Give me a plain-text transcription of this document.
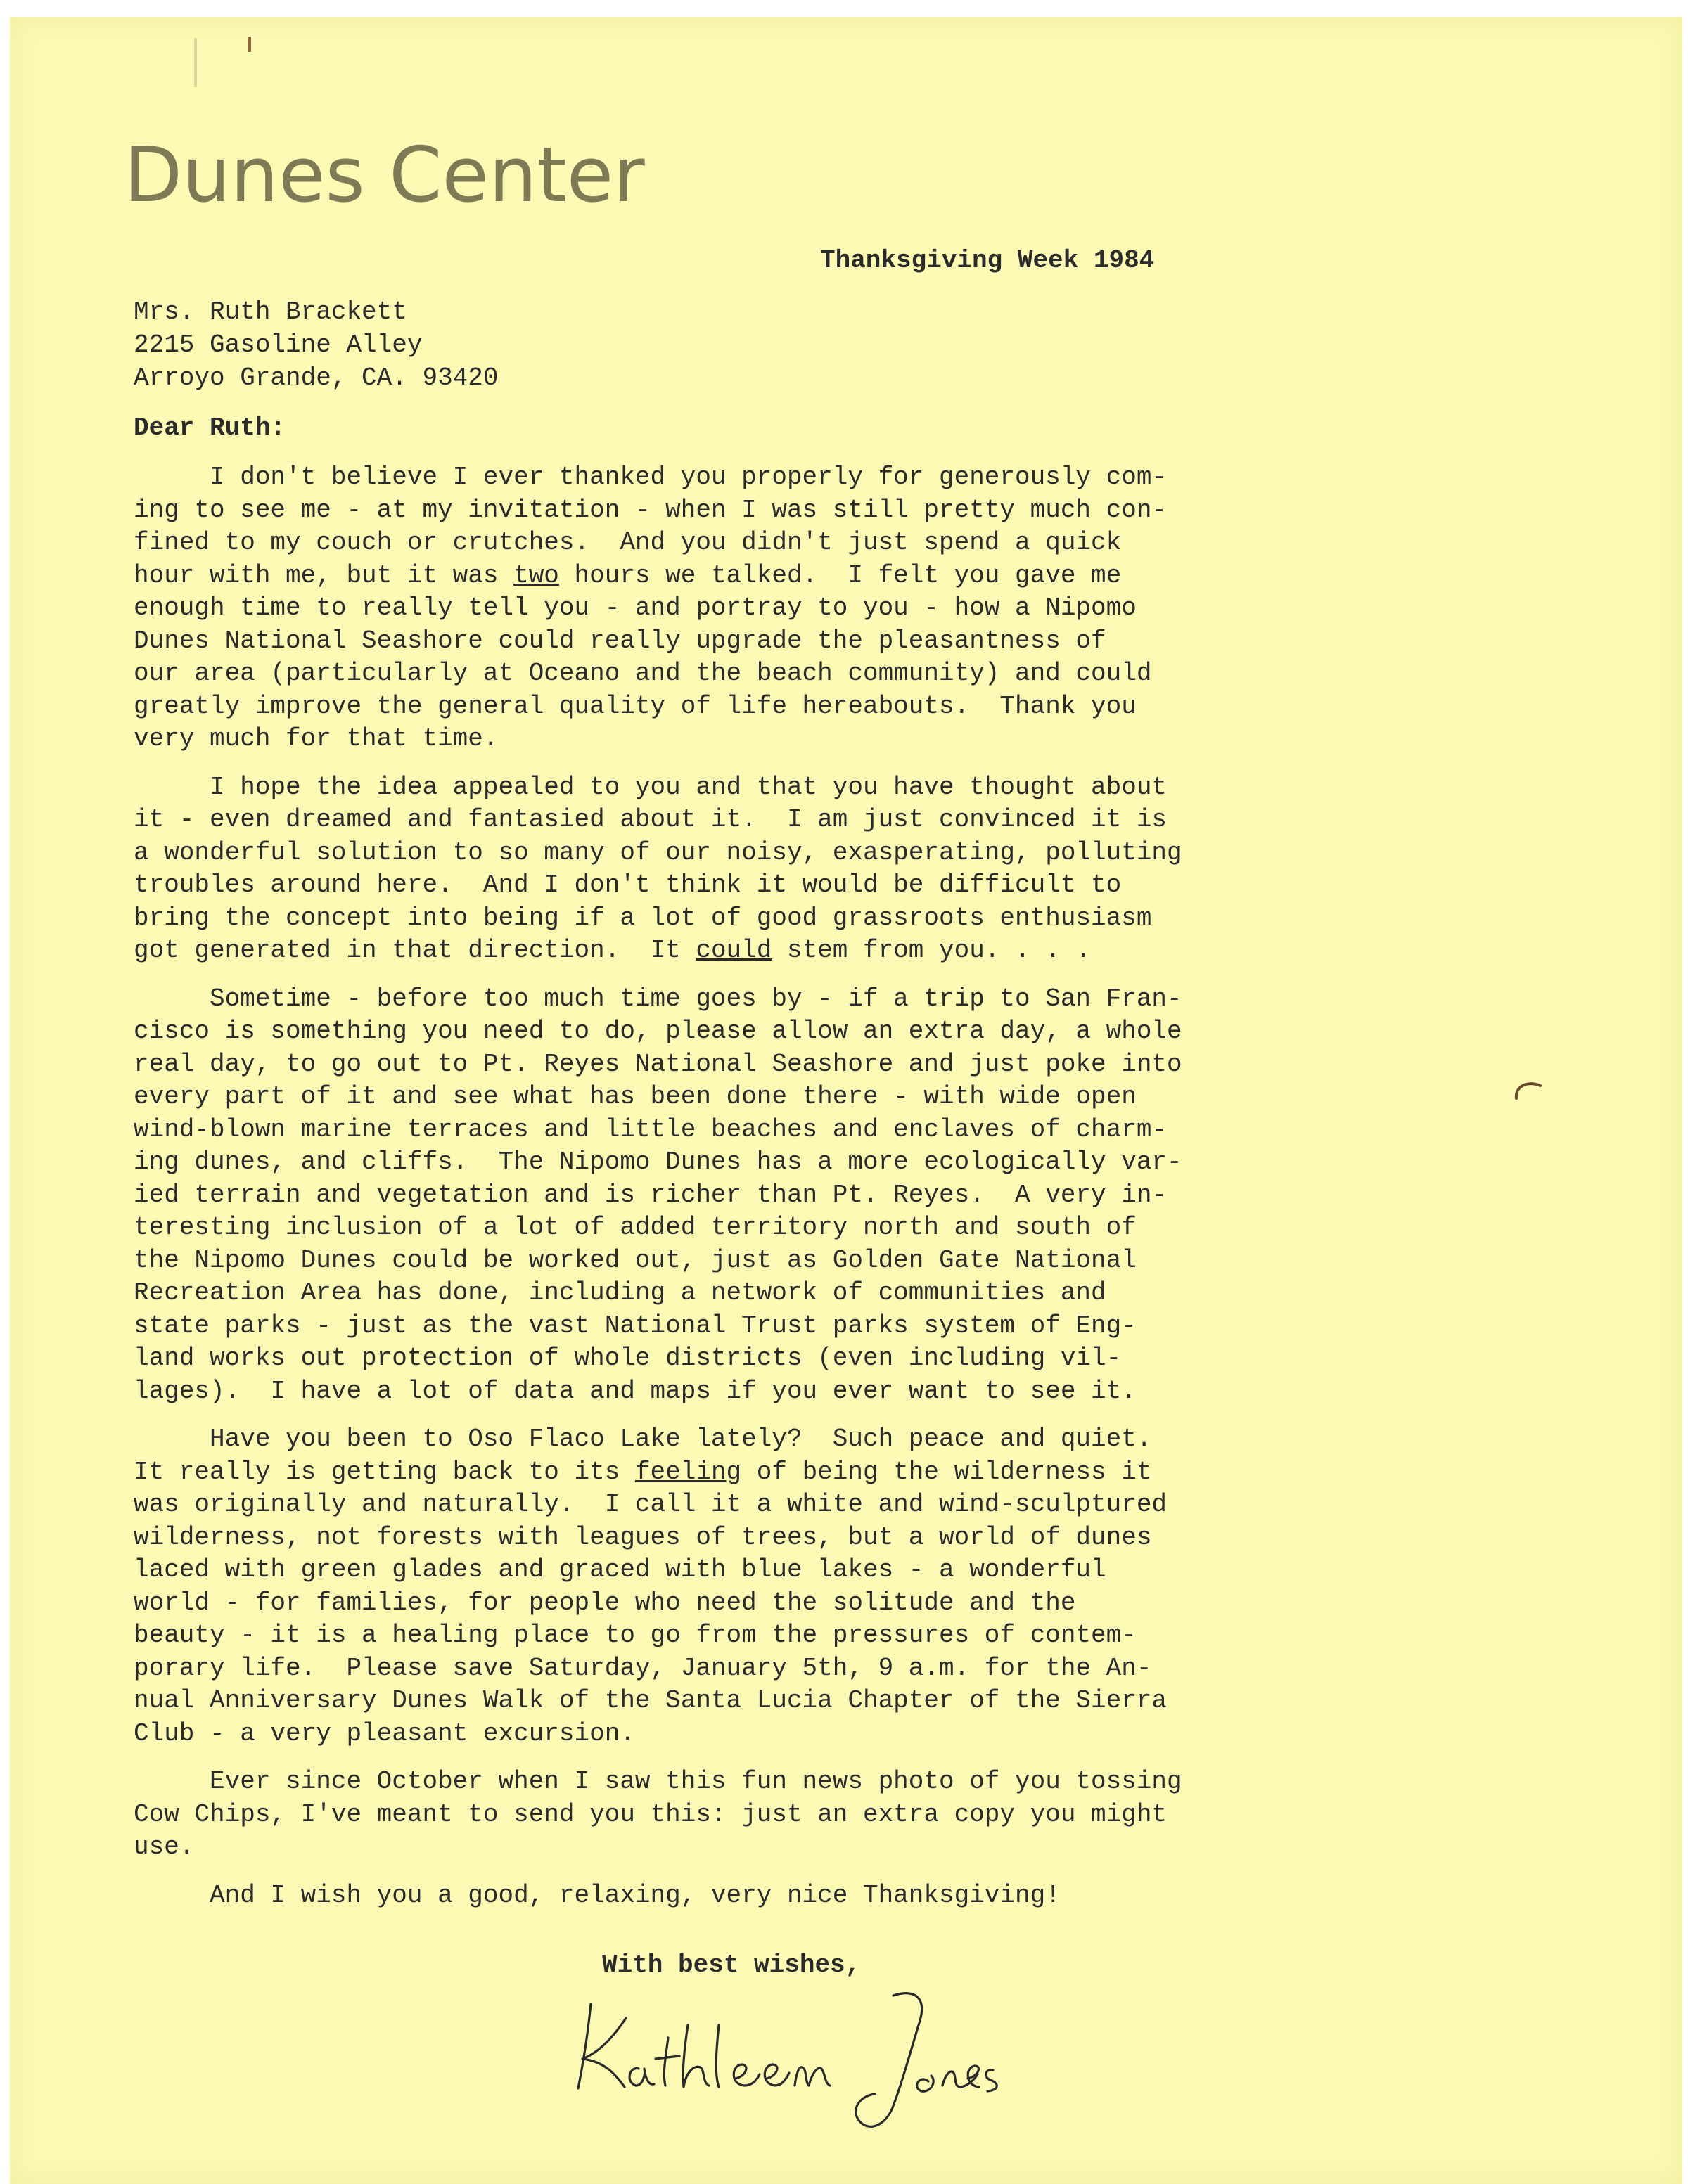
Dunes Center
Thanksgiving Week 1984
Mrs. Ruth Brackett
2215 Gasoline Alley
Arroyo Grande, CA. 93420
Dear Ruth:

I don't believe I ever thanked you properly for generously com-
ing to see me - at my invitation - when I was still pretty much con-
fined to my couch or crutches.  And you didn't just spend a quick
hour with me, but it was two hours we talked.  I felt you gave me
enough time to really tell you - and portray to you - how a Nipomo
Dunes National Seashore could really upgrade the pleasantness of
our area (particularly at Oceano and the beach community) and could
greatly improve the general quality of life hereabouts.  Thank you
very much for that time.

I hope the idea appealed to you and that you have thought about
it - even dreamed and fantasied about it.  I am just convinced it is
a wonderful solution to so many of our noisy, exasperating, polluting
troubles around here.  And I don't think it would be difficult to
bring the concept into being if a lot of good grassroots enthusiasm
got generated in that direction.  It could stem from you. . . .

Sometime - before too much time goes by - if a trip to San Fran-
cisco is something you need to do, please allow an extra day, a whole
real day, to go out to Pt. Reyes National Seashore and just poke into
every part of it and see what has been done there - with wide open
wind-blown marine terraces and little beaches and enclaves of charm-
ing dunes, and cliffs.  The Nipomo Dunes has a more ecologically var-
ied terrain and vegetation and is richer than Pt. Reyes.  A very in-
teresting inclusion of a lot of added territory north and south of
the Nipomo Dunes could be worked out, just as Golden Gate National
Recreation Area has done, including a network of communities and
state parks - just as the vast National Trust parks system of Eng-
land works out protection of whole districts (even including vil-
lages).  I have a lot of data and maps if you ever want to see it.

Have you been to Oso Flaco Lake lately?  Such peace and quiet.
It really is getting back to its feeling of being the wilderness it
was originally and naturally.  I call it a white and wind-sculptured
wilderness, not forests with leagues of trees, but a world of dunes
laced with green glades and graced with blue lakes - a wonderful
world - for families, for people who need the solitude and the
beauty - it is a healing place to go from the pressures of contem-
porary life.  Please save Saturday, January 5th, 9 a.m. for the An-
nual Anniversary Dunes Walk of the Santa Lucia Chapter of the Sierra
Club - a very pleasant excursion.

Ever since October when I saw this fun news photo of you tossing
Cow Chips, I've meant to send you this: just an extra copy you might
use.

And I wish you a good, relaxing, very nice Thanksgiving!

With best wishes,
